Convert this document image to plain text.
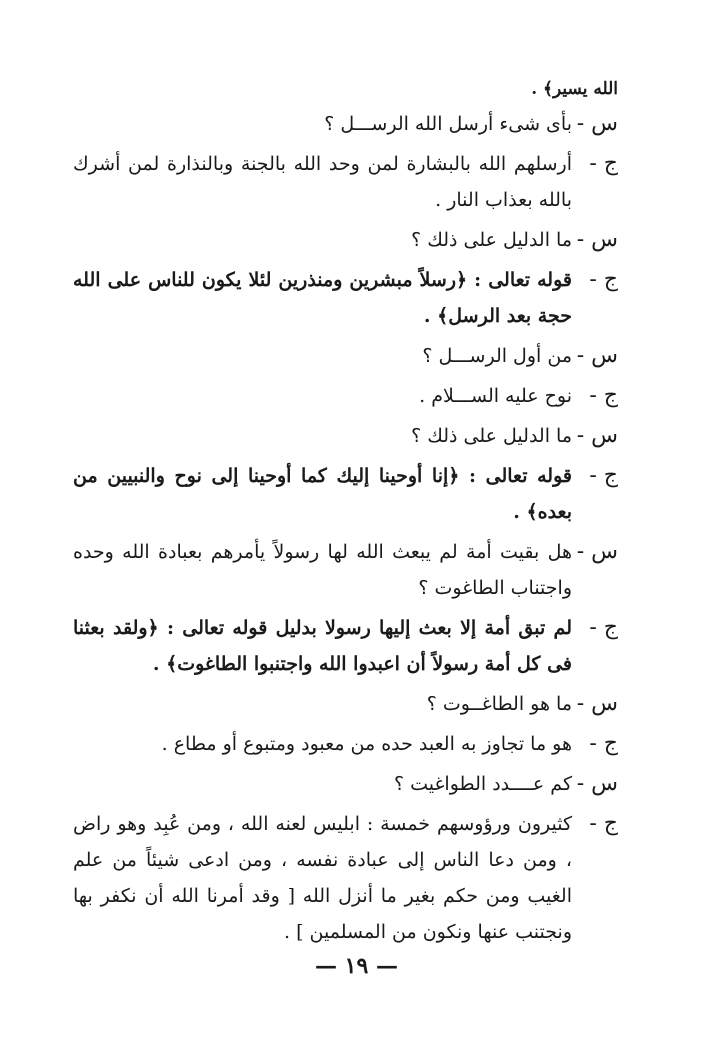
الله يسير﴾ .
س -
بأى شىء أرسل الله الرســـل ؟
ج -
أرسلهم الله بالبشارة لمن وحد الله بالجنة وبالنذارة لمن أشرك بالله بعذاب النار .
س -
ما الدليل على ذلك ؟
ج -
قوله تعالى : ﴿رسلاً مبشرين ومنذرين لئلا يكون للناس على الله حجة بعد الرسل﴾ .
س -
من أول الرســـل ؟
ج -
نوح عليه الســـلام .
س -
ما الدليل على ذلك ؟
ج -
قوله تعالى : ﴿إنا أوحينا إليك كما أوحينا إلى نوح والنبيين من بعده﴾ .
س -
هل بقيت أمة لم يبعث الله لها رسولاً يأمرهم بعبادة الله وحده واجتناب الطاغوت ؟
ج -
لم تبق أمة إلا بعث إليها رسولا بدليل قوله تعالى : ﴿ولقد بعثنا فى كل أمة رسولاً أن اعبدوا الله واجتنبوا الطاغوت﴾ .
س -
ما هو الطاغــوت ؟
ج -
هو ما تجاوز به العبد حده من معبود ومتبوع أو مطاع .
س -
كم عــــدد الطواغيت ؟
ج -
كثيرون ورؤوسهم خمسة : ابليس لعنه الله ، ومن عُبِد وهو راض ، ومن دعا الناس إلى عبادة نفسه ، ومن ادعى شيئاً من علم الغيب ومن حكم بغير ما أنزل الله [ وقد أمرنا الله أن نكفر بها ونجتنب عنها ونكون من المسلمين ] .
— ١٩ —
